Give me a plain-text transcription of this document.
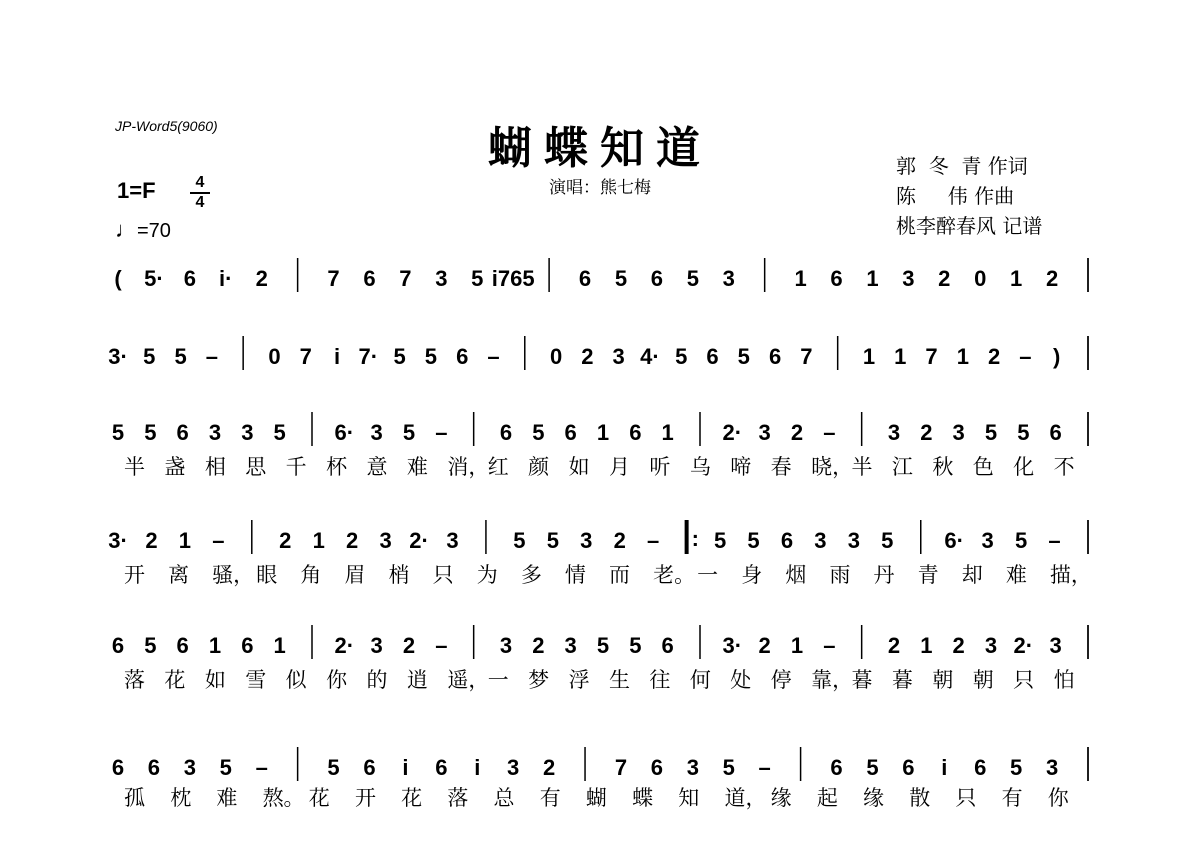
JP-Word5(9060)	蝴蝶知道
演唱：熊七梅
郭  冬  青 作词
陈     伟 作曲
桃李醉春风 记谱
1=F	4
4
♩=70
( 5· 6 i· 2	7 6 7 3 5 i765 6 5 6 5 3	1 6 1 3 2 0 1 2
3· 5 5 – 0 7 i 7· 5 5 6 – 0 2 3 4· 5 6 5 6 7 1 1 7 1 2 – )
5 5 6 3 3 5 6· 3 5 – 6 5 6 1 6 1 2· 3 2 – 3 2 3 5 5 6
半 盏 相 思 千 杯 意 难 消，
红 颜 如 月 听 乌 啼 春 晓，
半 江 秋 色 化 不
3· 2 1 – 2 1 2 3 2· 3 5 5 3 2 – : 5 5 6 3 3 5 6· 3 5 –
开 离 骚， 眼 角 眉 梢 只 为 多 情 而 老。 一 身 烟 雨 丹 青 却 难 描，
6 5 6 1 6 1 2· 3 2 – 3 2 3 5 5 6 3· 2 1 – 2 1 2 3 2· 3
落 花 如 雪 似 你 的 逍 遥，
一 梦 浮 生 往 何 处 停 靠，
暮 暮 朝 朝 只 怕
6 6 3 5 –	5 6 i 6 i 3 2	7 6 3 5 –	6 5 6 i 6 5 3
孤 枕 难 熬。 花 开 花 落 总 有 蝴 蝶 知 道， 缘 起 缘 散 只 有 你
